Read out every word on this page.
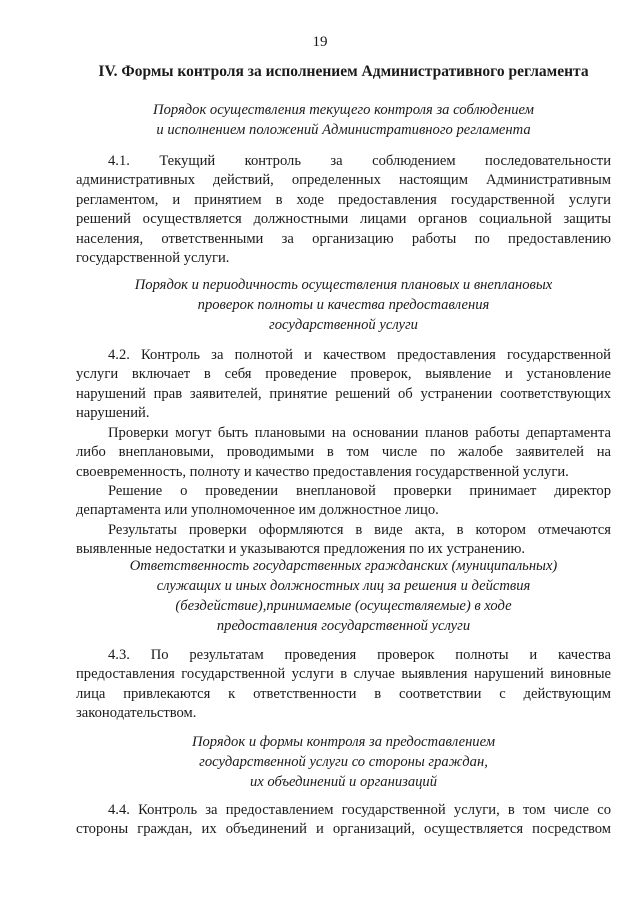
19
IV. Формы контроля за исполнением Административного регламента
Порядок осуществления текущего контроля за соблюдением
и исполнением положений Административного регламента
4.1. Текущий контроль за соблюдением последовательности
административных действий, определенных настоящим Административным
регламентом, и принятием в ходе предоставления государственной услуги
решений осуществляется должностными лицами органов социальной защиты
населения, ответственными за организацию работы по предоставлению
государственной услуги.
Порядок и периодичность осуществления плановых и внеплановых
проверок полноты и качества предоставления
государственной услуги
4.2. Контроль за полнотой и качеством предоставления государственной
услуги включает в себя проведение проверок, выявление и установление
нарушений прав заявителей, принятие решений об устранении соответствующих
нарушений.
Проверки могут быть плановыми на основании планов работы департамента
либо внеплановыми, проводимыми в том числе по жалобе заявителей на
своевременность, полноту и качество предоставления государственной услуги.
Решение о проведении внеплановой проверки принимает директор
департамента или уполномоченное им должностное лицо.
Результаты проверки оформляются в виде акта, в котором отмечаются
выявленные недостатки и указываются предложения по их устранению.
Ответственность государственных гражданских (муниципальных)
служащих и иных должностных лиц за решения и действия
(бездействие),принимаемые (осуществляемые) в ходе
предоставления государственной услуги
4.3. По результатам проведения проверок полноты и качества
предоставления государственной услуги в случае выявления нарушений виновные
лица привлекаются к ответственности в соответствии с действующим
законодательством.
Порядок и формы контроля за предоставлением
государственной услуги со стороны граждан,
их объединений и организаций
4.4. Контроль за предоставлением государственной услуги, в том числе со
стороны граждан, их объединений и организаций, осуществляется посредством
